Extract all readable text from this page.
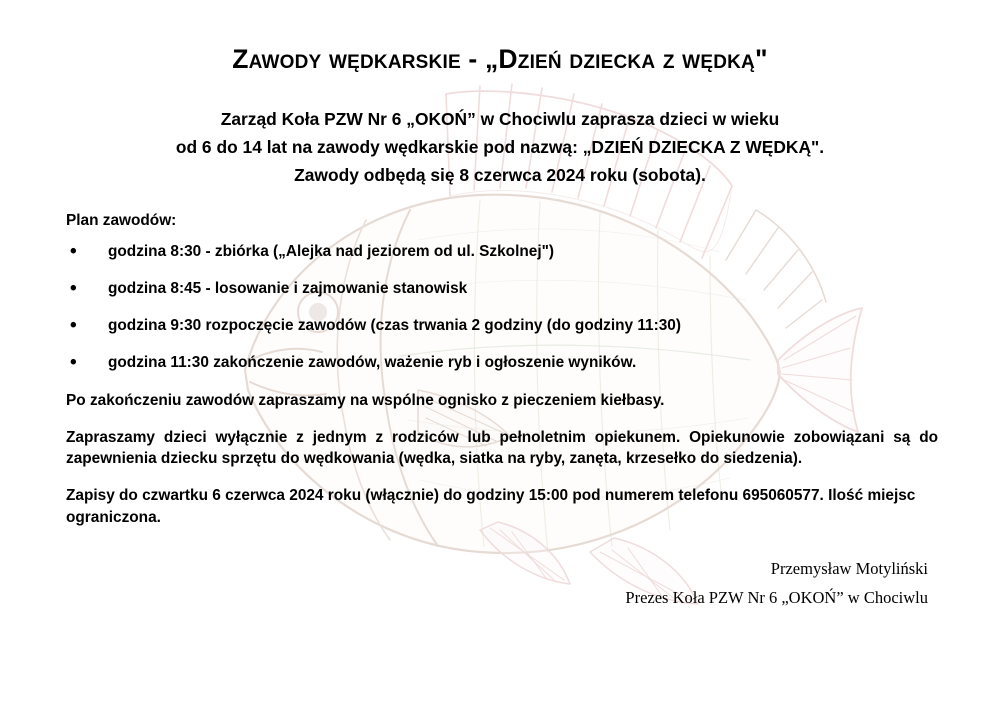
Zawody wędkarskie - „Dzień dziecka z wędką"
Zarząd Koła PZW Nr 6 „OKOŃ” w Chociwlu zaprasza dzieci w wieku
od 6 do 14 lat na zawody wędkarskie pod nazwą: „DZIEŃ DZIECKA Z WĘDKĄ".
Zawody odbędą się 8 czerwca 2024 roku (sobota).
Plan zawodów:
• godzina 8:30 - zbiórka („Alejka nad jeziorem od ul. Szkolnej")
• godzina 8:45 - losowanie i zajmowanie stanowisk
• godzina 9:30 rozpoczęcie zawodów (czas trwania 2 godziny (do godziny 11:30)
• godzina 11:30 zakończenie zawodów, ważenie ryb i ogłoszenie wyników.

Po zakończeniu zawodów zapraszamy na wspólne ognisko z pieczeniem kiełbasy.

Zapraszamy dzieci wyłącznie z jednym z rodziców lub pełnoletnim opiekunem. Opiekunowie zobowiązani są do zapewnienia dziecku sprzętu do wędkowania (wędka, siatka na ryby, zanęta, krzesełko do siedzenia).

Zapisy do czwartku 6 czerwca 2024 roku (włącznie) do godziny 15:00 pod numerem telefonu 695060577. Ilość miejsc ograniczona.

Przemysław Motyliński
Prezes Koła PZW Nr 6 „OKOŃ” w Chociwlu
